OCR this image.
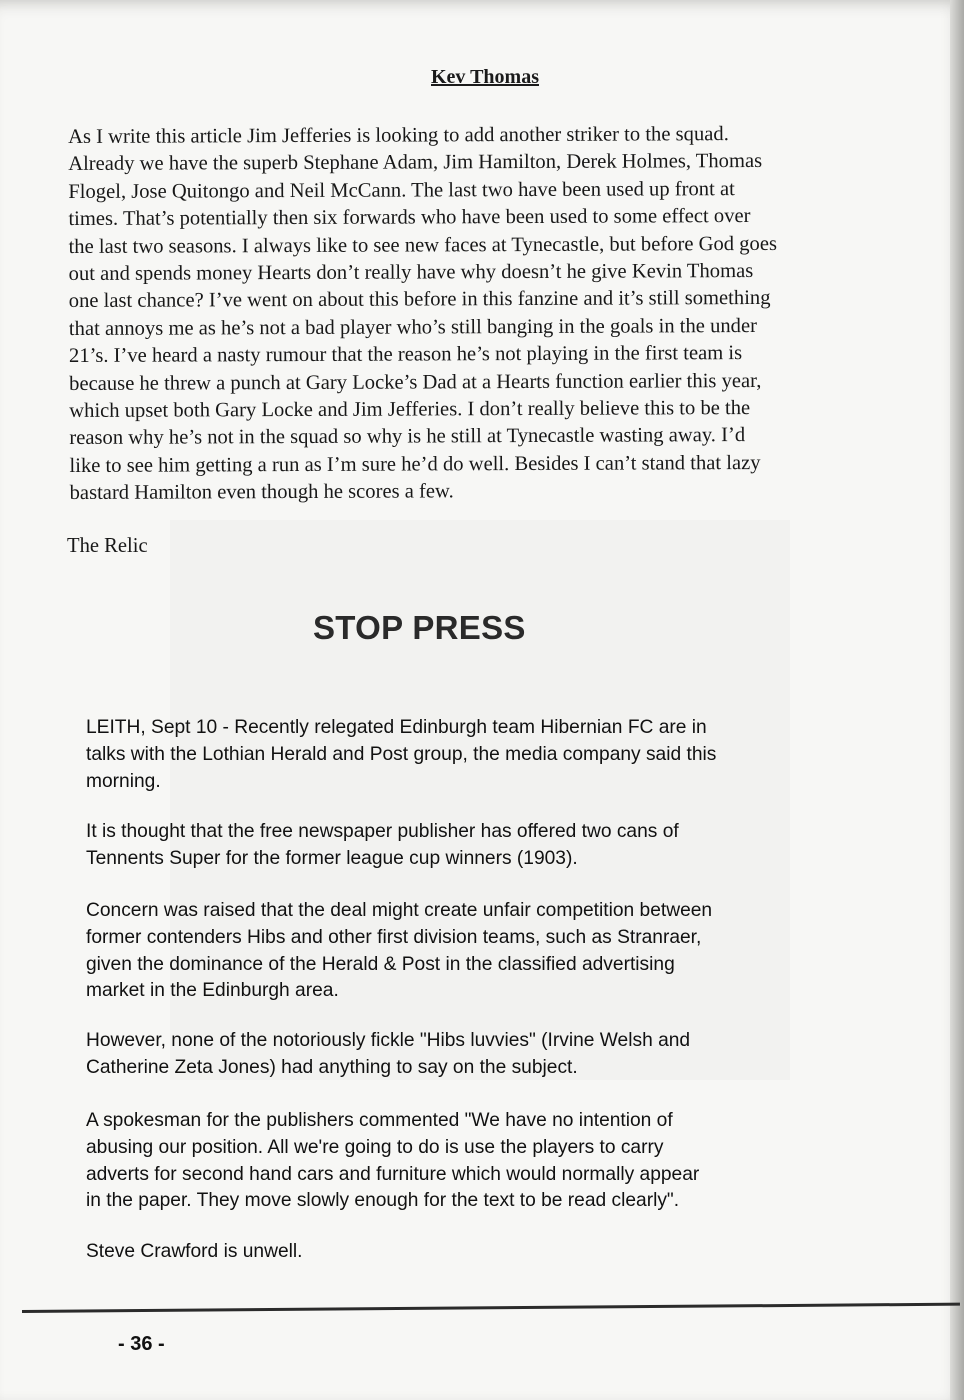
Kev Thomas
As I write this article Jim Jefferies is looking to add another striker to the squad.
Already we have the superb Stephane Adam, Jim Hamilton, Derek Holmes, Thomas
Flogel, Jose Quitongo and Neil McCann. The last two have been used up front at
times. That’s potentially then six forwards who have been used to some effect over
the last two seasons. I always like to see new faces at Tynecastle, but before God goes
out and spends money Hearts don’t really have why doesn’t he give Kevin Thomas
one last chance? I’ve went on about this before in this fanzine and it’s still something
that annoys me as he’s not a bad player who’s still banging in the goals in the under
21’s. I’ve heard a nasty rumour that the reason he’s not playing in the first team is
because he threw a punch at Gary Locke’s Dad at a Hearts function earlier this year,
which upset both Gary Locke and Jim Jefferies. I don’t really believe this to be the
reason why he’s not in the squad so why is he still at Tynecastle wasting away. I’d
like to see him getting a run as I’m sure he’d do well. Besides I can’t stand that lazy
bastard Hamilton even though he scores a few.
The Relic
STOP PRESS
LEITH, Sept 10 - Recently relegated Edinburgh team Hibernian FC are in
talks with the Lothian Herald and Post group, the media company said this
morning.
It is thought that the free newspaper publisher has offered two cans of
Tennents Super for the former league cup winners (1903).
Concern was raised that the deal might create unfair competition between
former contenders Hibs and other first division teams, such as Stranraer,
given the dominance of the Herald & Post in the classified advertising
market in the Edinburgh area.
However, none of the notoriously fickle "Hibs luvvies" (Irvine Welsh and
Catherine Zeta Jones) had anything to say on the subject.
A spokesman for the publishers commented "We have no intention of
abusing our position. All we're going to do is use the players to carry
adverts for second hand cars and furniture which would normally appear
in the paper. They move slowly enough for the text to be read clearly".
Steve Crawford is unwell.
- 36 -
